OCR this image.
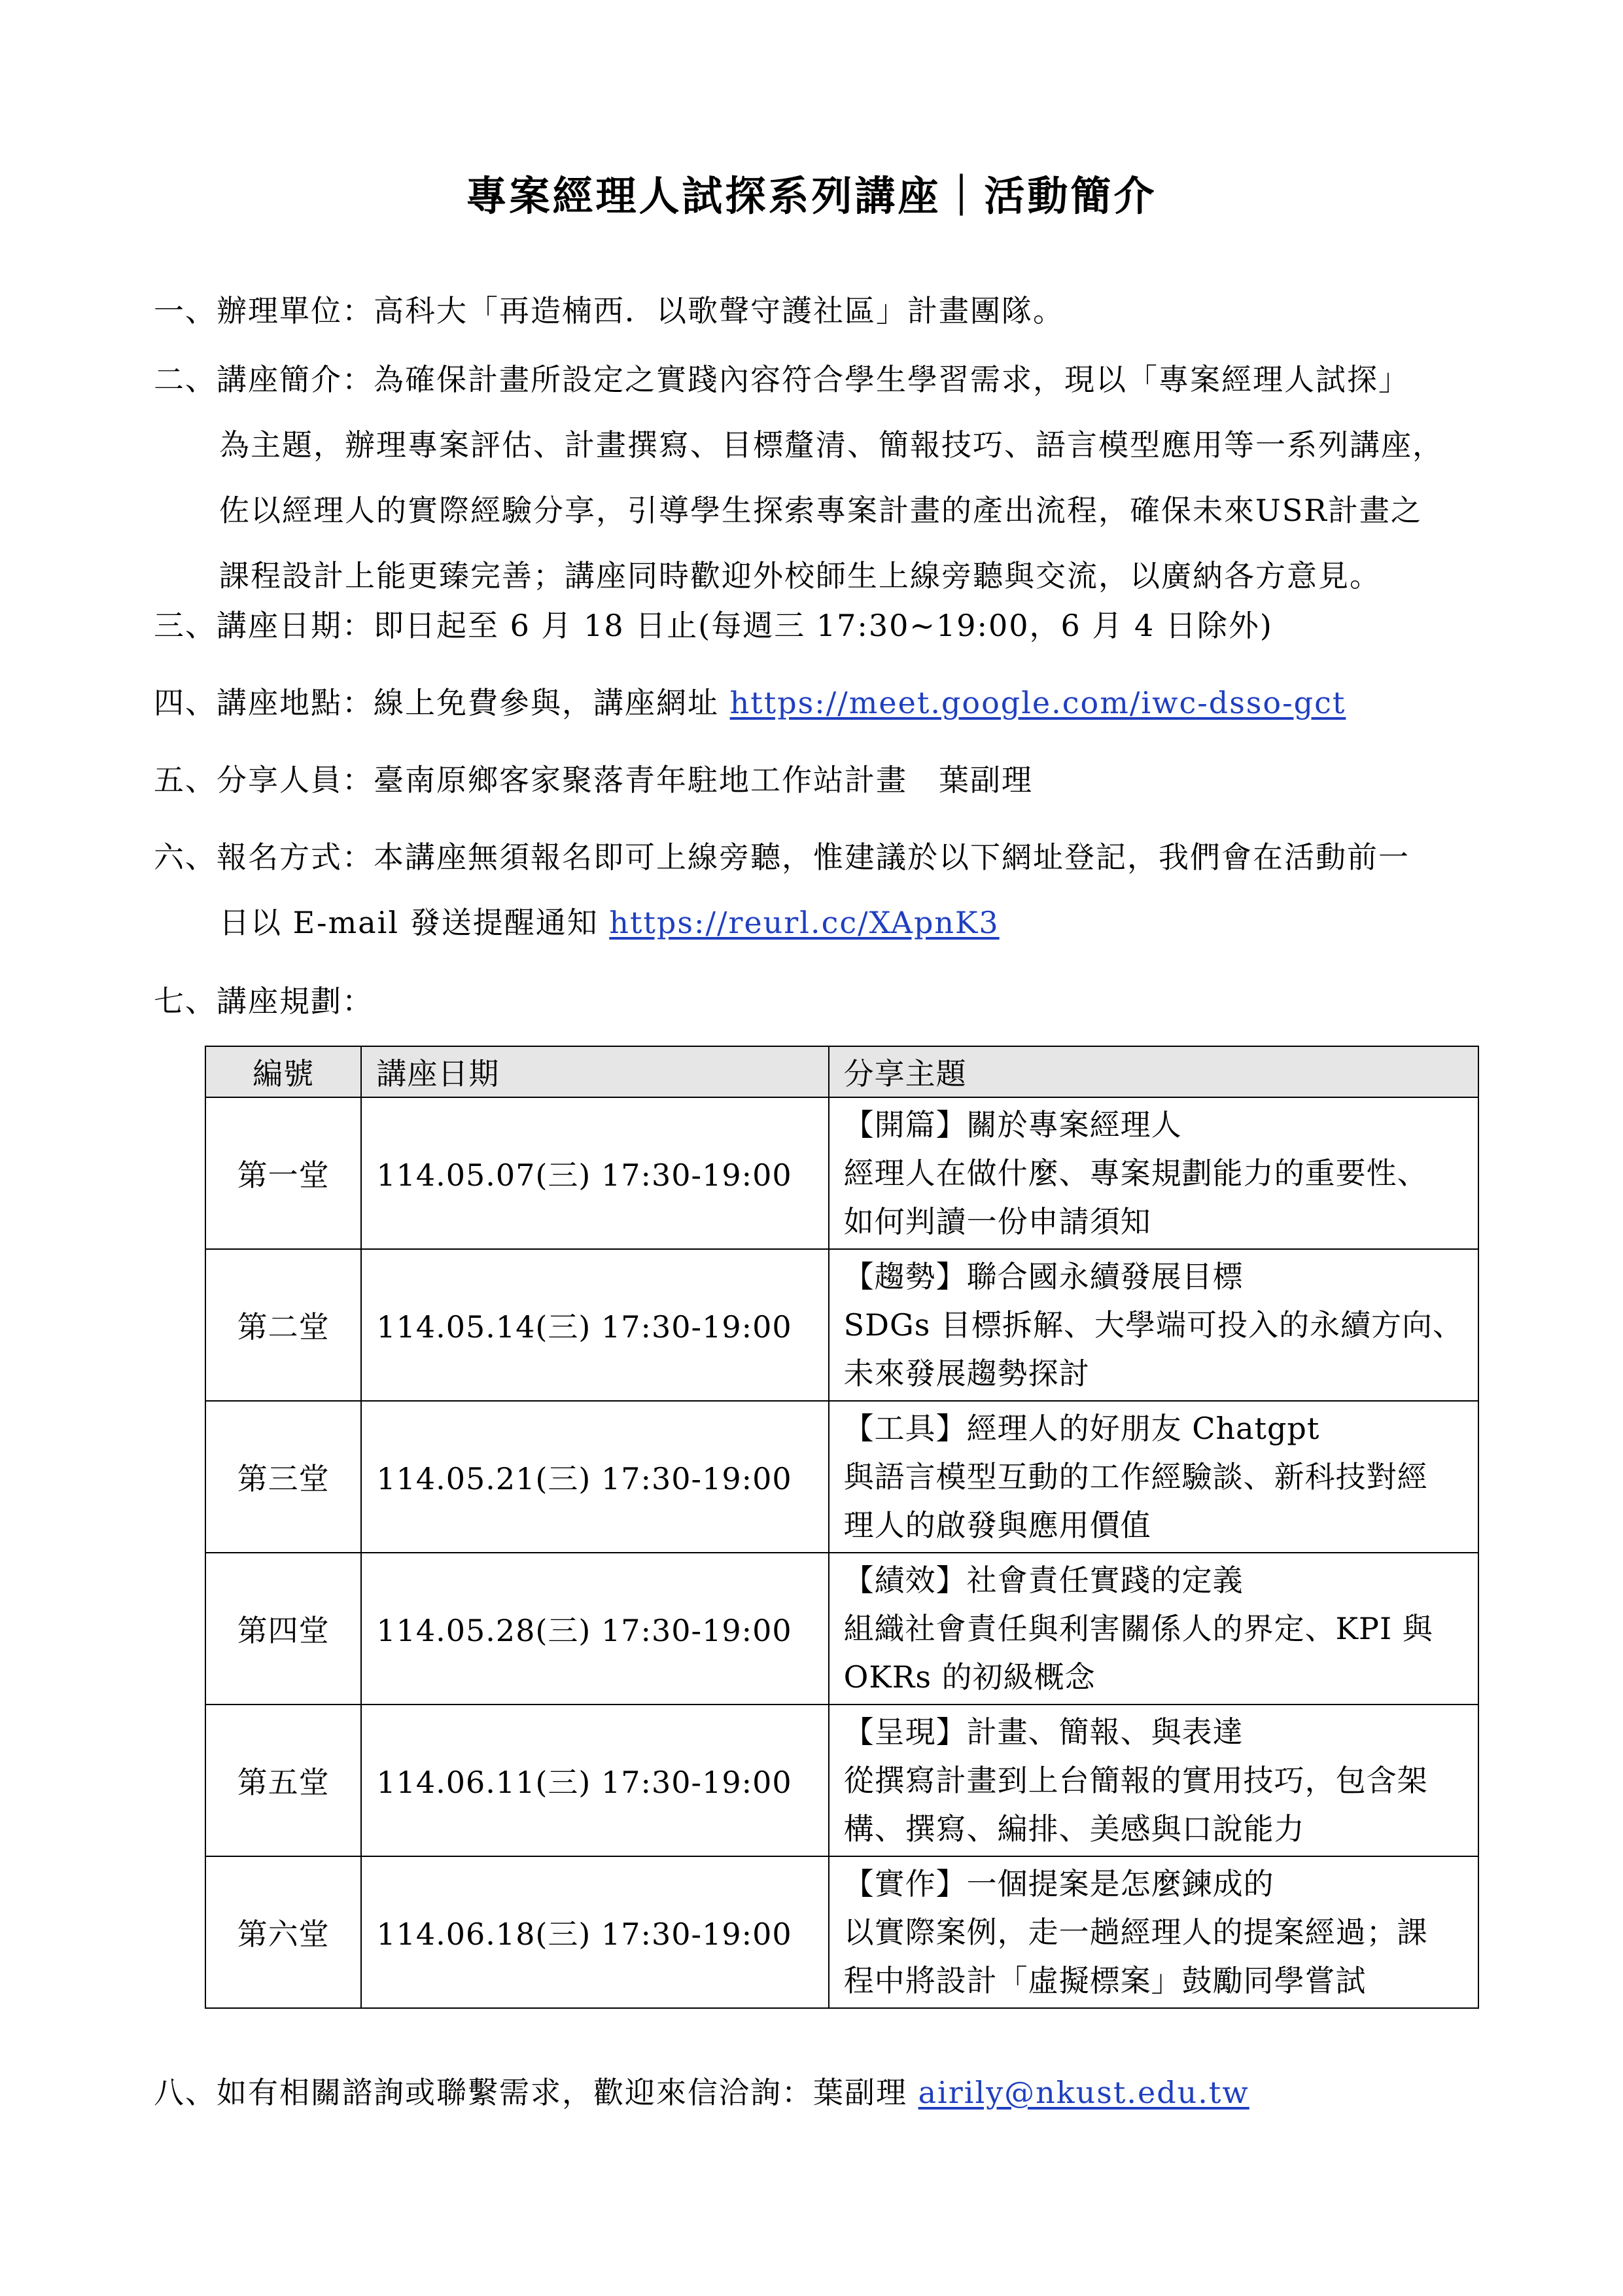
專案經理人試探系列講座｜活動簡介
一、辦理單位：高科大「再造楠西．以歌聲守護社區」計畫團隊。
二、講座簡介：為確保計畫所設定之實踐內容符合學生學習需求，現以「專案經理人試探」
為主題，辦理專案評估、計畫撰寫、目標釐清、簡報技巧、語言模型應用等一系列講座，
佐以經理人的實際經驗分享，引導學生探索專案計畫的產出流程，確保未來USR計畫之
課程設計上能更臻完善；講座同時歡迎外校師生上線旁聽與交流，以廣納各方意見。
三、講座日期：即日起至 6 月 18 日止(每週三 17:30~19:00，6 月 4 日除外)
四、講座地點：線上免費參與，講座網址 https://meet.google.com/iwc-dsso-gct
五、分享人員：臺南原鄉客家聚落青年駐地工作站計畫　葉副理
六、報名方式：本講座無須報名即可上線旁聽，惟建議於以下網址登記，我們會在活動前一
日以 E-mail 發送提醒通知 https://reurl.cc/XApnK3
七、講座規劃：
編號	講座日期	分享主題
第一堂	114.05.07(三) 17:30-19:00	【開篇】關於專案經理人
經理人在做什麼、專案規劃能力的重要性、
如何判讀一份申請須知

第二堂	114.05.14(三) 17:30-19:00	【趨勢】聯合國永續發展目標
SDGs 目標拆解、大學端可投入的永續方向、
未來發展趨勢探討

第三堂	114.05.21(三) 17:30-19:00	【工具】經理人的好朋友 Chatgpt
與語言模型互動的工作經驗談、新科技對經
理人的啟發與應用價值

第四堂	114.05.28(三) 17:30-19:00	【績效】社會責任實踐的定義
組織社會責任與利害關係人的界定、KPI 與
OKRs 的初級概念

第五堂	114.06.11(三) 17:30-19:00	【呈現】計畫、簡報、與表達
從撰寫計畫到上台簡報的實用技巧，包含架
構、撰寫、編排、美感與口說能力

第六堂	114.06.18(三) 17:30-19:00	【實作】一個提案是怎麼鍊成的
以實際案例，走一趟經理人的提案經過；課
程中將設計「虛擬標案」鼓勵同學嘗試
八、如有相關諮詢或聯繫需求，歡迎來信洽詢：葉副理 airily@nkust.edu.tw
